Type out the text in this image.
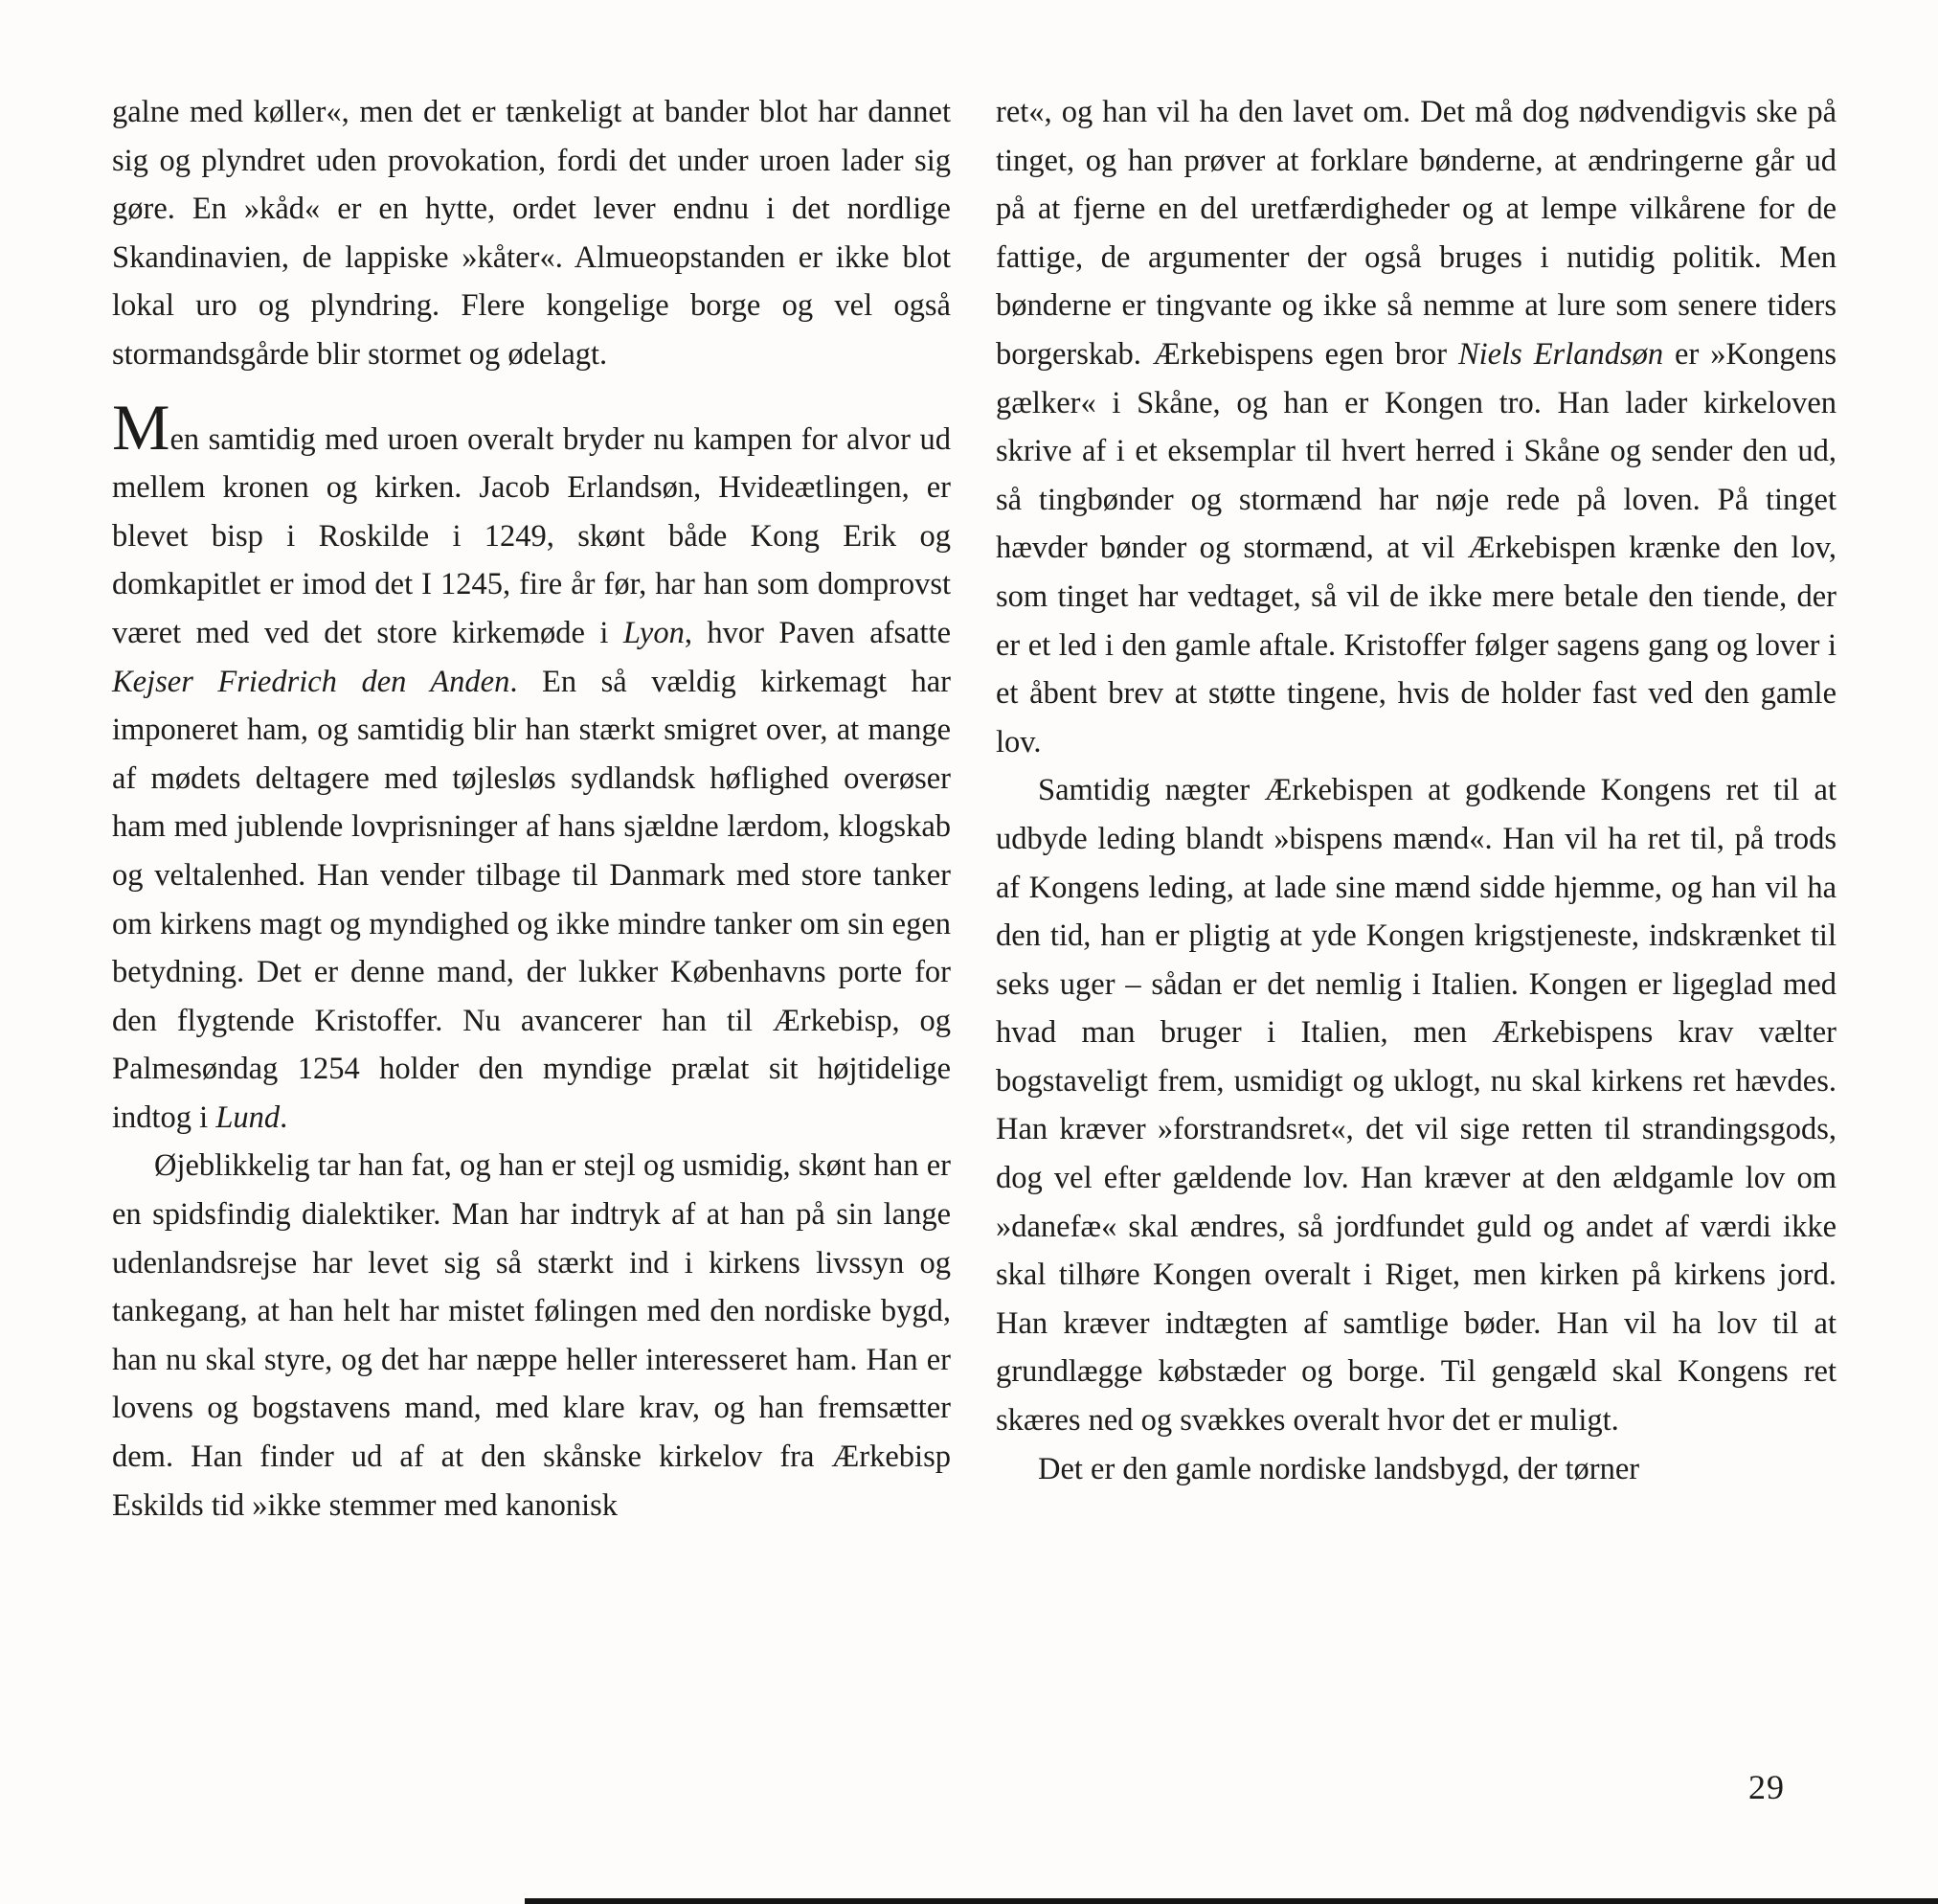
galne med køller«, men det er tænkeligt at bander blot har dannet sig og plyndret uden provokation, fordi det under uroen lader sig gøre. En »kåd« er en hytte, ordet lever endnu i det nordlige Skandinavien, de lappiske »kåter«. Almueopstanden er ikke blot lokal uro og plyndring. Flere kongelige borge og vel også stormandsgårde blir stormet og ødelagt.

Men samtidig med uroen overalt bryder nu kampen for alvor ud mellem kronen og kirken. Jacob Erlandsøn, Hvideætlingen, er blevet bisp i Roskilde i 1249, skønt både Kong Erik og domkapitlet er imod det I 1245, fire år før, har han som domprovst været med ved det store kirkemøde i Lyon, hvor Paven afsatte Kejser Friedrich den Anden. En så vældig kirkemagt har imponeret ham, og samtidig blir han stærkt smigret over, at mange af mødets deltagere med tøjlesløs sydlandsk høflighed overøser ham med jublende lovprisninger af hans sjældne lærdom, klogskab og veltalenhed. Han vender tilbage til Danmark med store tanker om kirkens magt og myndighed og ikke mindre tanker om sin egen betydning. Det er denne mand, der lukker Københavns porte for den flygtende Kristoffer. Nu avancerer han til Ærkebisp, og Palmesøndag 1254 holder den myndige prælat sit højtidelige indtog i Lund.

Øjeblikkelig tar han fat, og han er stejl og usmidig, skønt han er en spidsfindig dialektiker. Man har indtryk af at han på sin lange udenlandsrejse har levet sig så stærkt ind i kirkens livssyn og tankegang, at han helt har mistet følingen med den nordiske bygd, han nu skal styre, og det har næppe heller interesseret ham. Han er lovens og bogstavens mand, med klare krav, og han fremsætter dem. Han finder ud af at den skånske kirkelov fra Ærkebisp Eskilds tid »ikke stemmer med kanonisk

ret«, og han vil ha den lavet om. Det må dog nødvendigvis ske på tinget, og han prøver at forklare bønderne, at ændringerne går ud på at fjerne en del uretfærdigheder og at lempe vilkårene for de fattige, de argumenter der også bruges i nutidig politik. Men bønderne er tingvante og ikke så nemme at lure som senere tiders borgerskab. Ærkebispens egen bror Niels Erlandsøn er »Kongens gælker« i Skåne, og han er Kongen tro. Han lader kirkeloven skrive af i et eksemplar til hvert herred i Skåne og sender den ud, så tingbønder og stormænd har nøje rede på loven. På tinget hævder bønder og stormænd, at vil Ærkebispen krænke den lov, som tinget har vedtaget, så vil de ikke mere betale den tiende, der er et led i den gamle aftale. Kristoffer følger sagens gang og lover i et åbent brev at støtte tingene, hvis de holder fast ved den gamle lov.

Samtidig nægter Ærkebispen at godkende Kongens ret til at udbyde leding blandt »bispens mænd«. Han vil ha ret til, på trods af Kongens leding, at lade sine mænd sidde hjemme, og han vil ha den tid, han er pligtig at yde Kongen krigstjeneste, indskrænket til seks uger – sådan er det nemlig i Italien. Kongen er ligeglad med hvad man bruger i Italien, men Ærkebispens krav vælter bogstaveligt frem, usmidigt og uklogt, nu skal kirkens ret hævdes. Han kræver »forstrandsret«, det vil sige retten til strandingsgods, dog vel efter gældende lov. Han kræver at den ældgamle lov om »danefæ« skal ændres, så jordfundet guld og andet af værdi ikke skal tilhøre Kongen overalt i Riget, men kirken på kirkens jord. Han kræver indtægten af samtlige bøder. Han vil ha lov til at grundlægge købstæder og borge. Til gengæld skal Kongens ret skæres ned og svækkes overalt hvor det er muligt.

Det er den gamle nordiske landsbygd, der tørner

29
